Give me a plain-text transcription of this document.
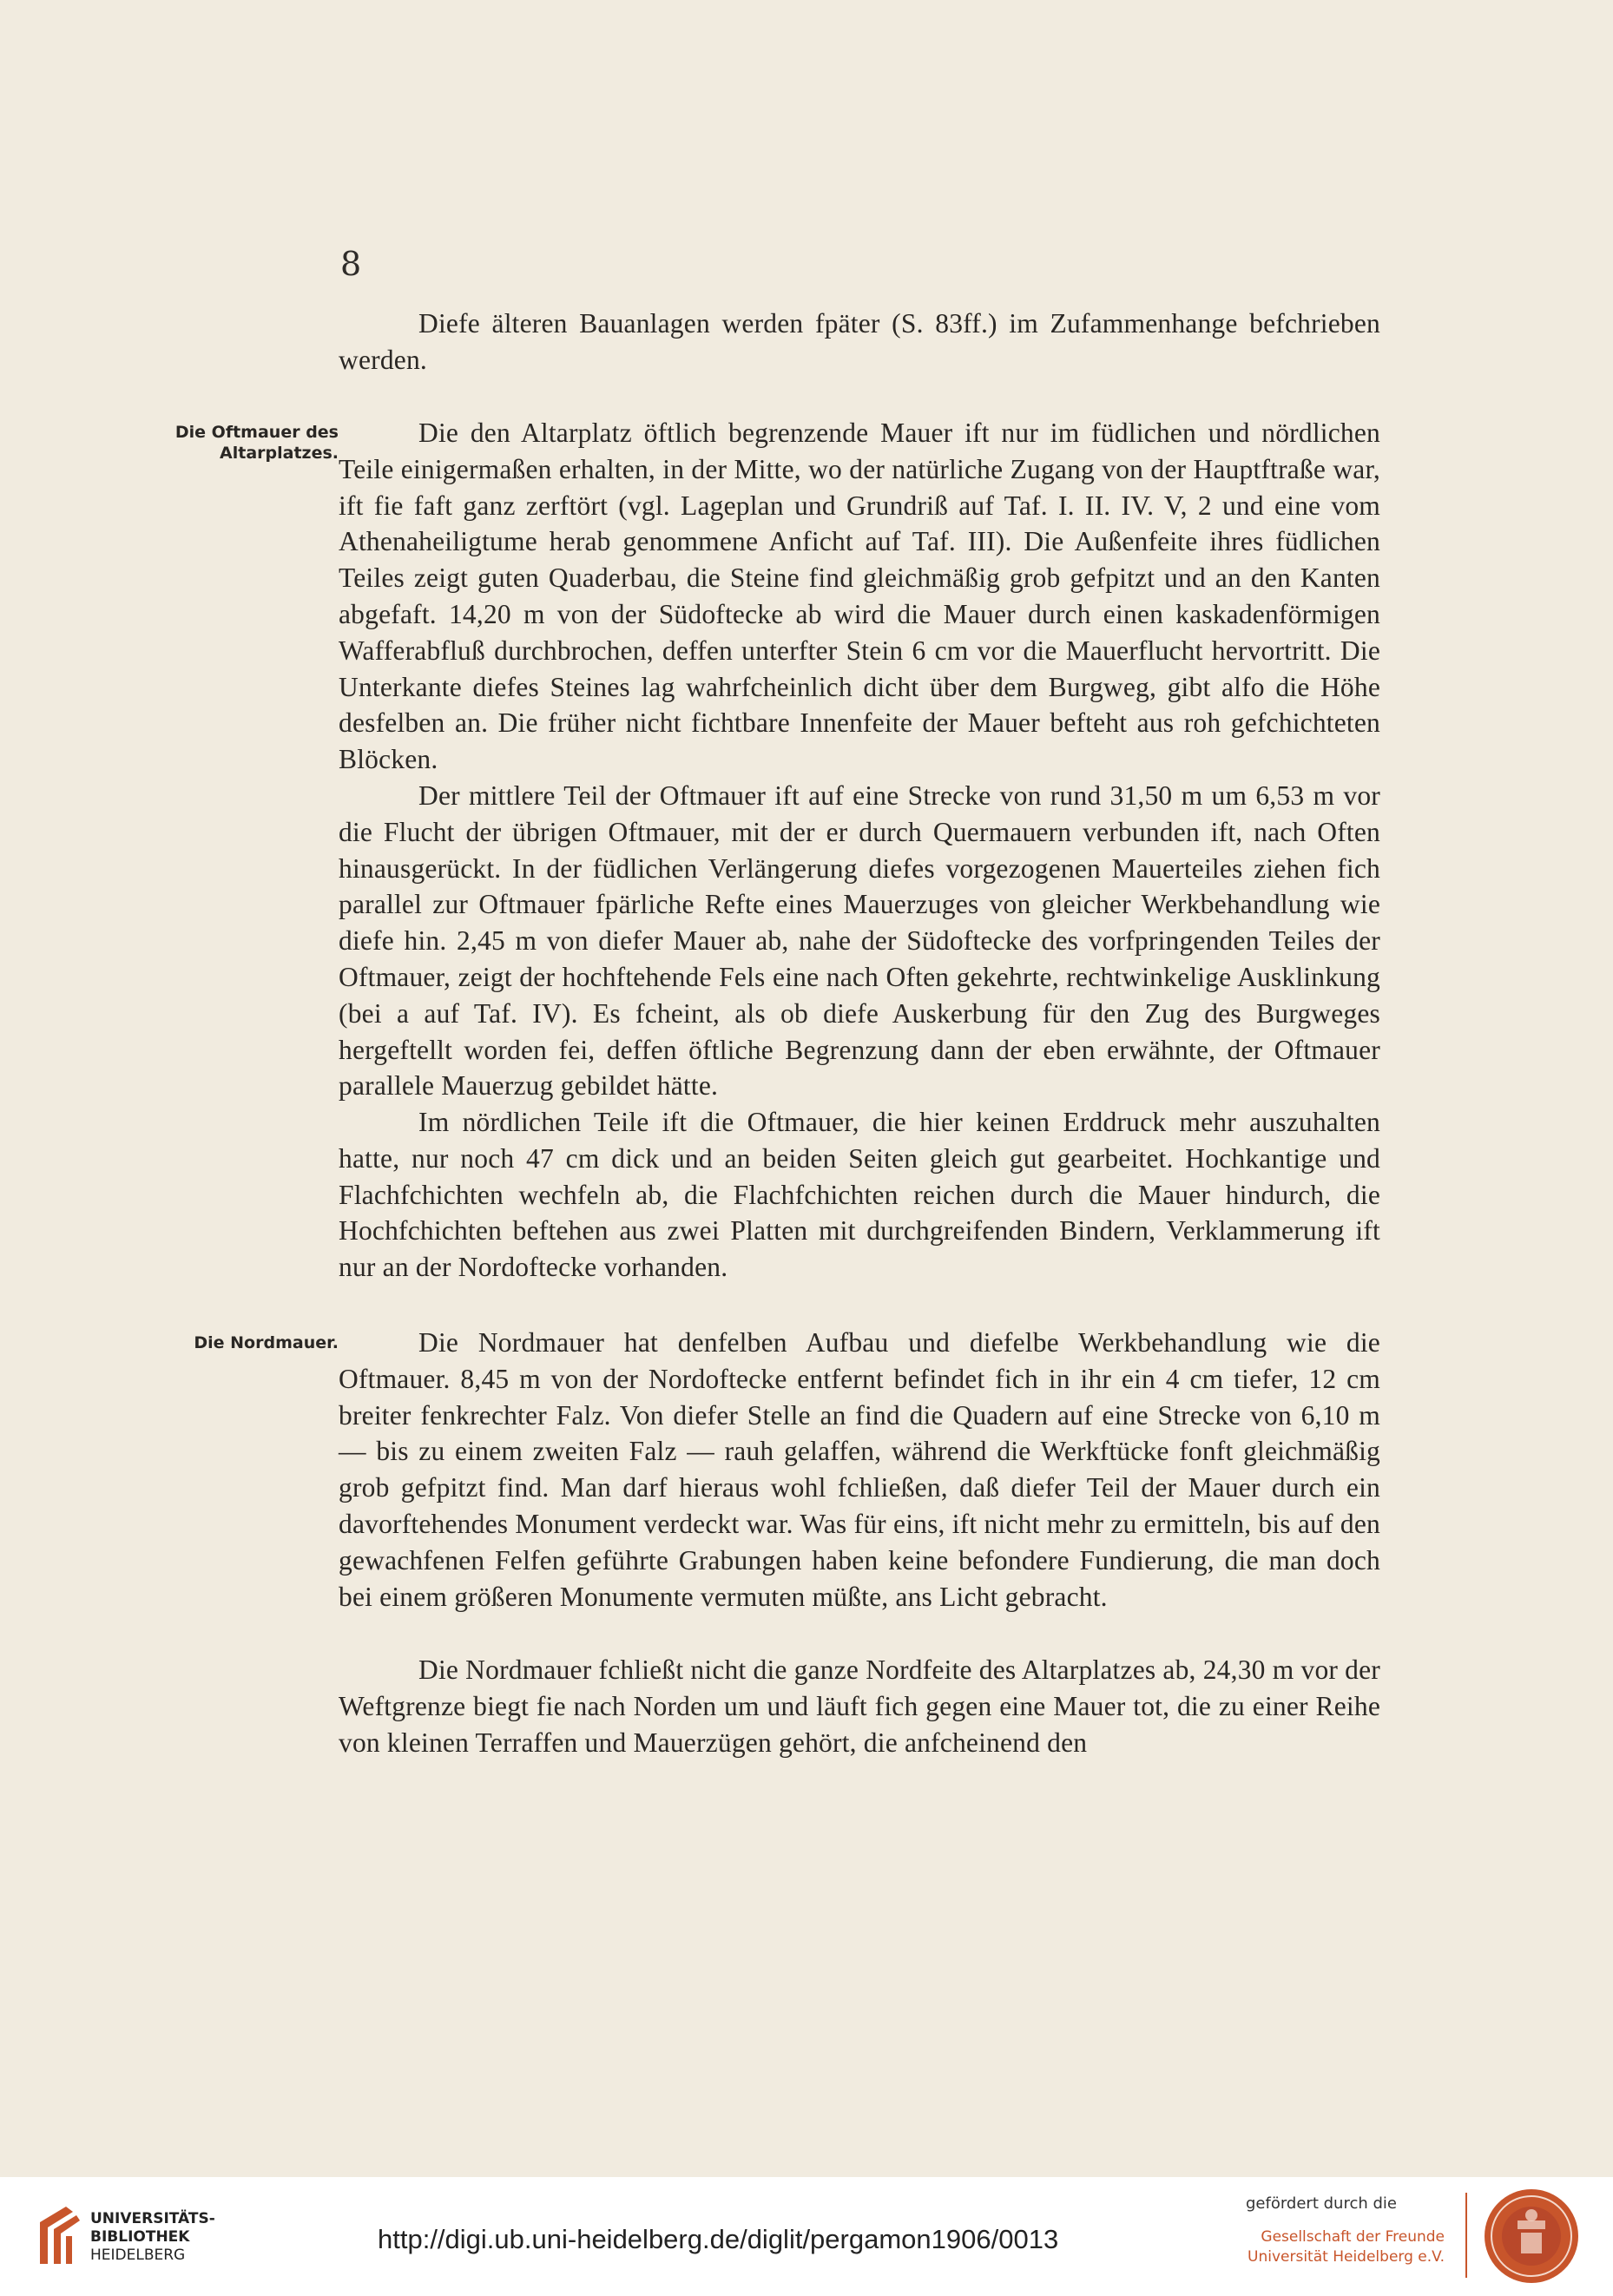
8
Diefe älteren Bauanlagen werden fpäter (S. 83ff.) im Zufammenhange befchrieben werden.
Die Oftmauer des Altarplatzes.
Die den Altarplatz öftlich begrenzende Mauer ift nur im füdlichen und nördlichen Teile einigermaßen erhalten, in der Mitte, wo der natürliche Zugang von der Hauptftraße war, ift fie faft ganz zerftört (vgl. Lageplan und Grundriß auf Taf. I. II. IV. V, 2 und eine vom Athenaheiligtume herab genommene Anficht auf Taf. III). Die Außenfeite ihres füdlichen Teiles zeigt guten Quaderbau, die Steine find gleichmäßig grob gefpitzt und an den Kanten abgefaft. 14,20 m von der Südoftecke ab wird die Mauer durch einen kaskadenförmigen Wafferabfluß durchbrochen, deffen unterfter Stein 6 cm vor die Mauerflucht hervortritt. Die Unterkante diefes Steines lag wahrfcheinlich dicht über dem Burgweg, gibt alfo die Höhe desfelben an. Die früher nicht fichtbare Innenfeite der Mauer befteht aus roh gefchichteten Blöcken.
Der mittlere Teil der Oftmauer ift auf eine Strecke von rund 31,50 m um 6,53 m vor die Flucht der übrigen Oftmauer, mit der er durch Quermauern verbunden ift, nach Often hinausgerückt. In der füdlichen Verlängerung diefes vorgezogenen Mauerteiles ziehen fich parallel zur Oftmauer fpärliche Refte eines Mauerzuges von gleicher Werkbehandlung wie diefe hin. 2,45 m von diefer Mauer ab, nahe der Südoftecke des vorfpringenden Teiles der Oftmauer, zeigt der hochftehende Fels eine nach Often gekehrte, rechtwinkelige Ausklinkung (bei a auf Taf. IV). Es fcheint, als ob diefe Auskerbung für den Zug des Burgweges hergeftellt worden fei, deffen öftliche Begrenzung dann der eben erwähnte, der Oftmauer parallele Mauerzug gebildet hätte.
Im nördlichen Teile ift die Oftmauer, die hier keinen Erddruck mehr auszuhalten hatte, nur noch 47 cm dick und an beiden Seiten gleich gut gearbeitet. Hochkantige und Flachfchichten wechfeln ab, die Flachfchichten reichen durch die Mauer hindurch, die Hochfchichten beftehen aus zwei Platten mit durchgreifenden Bindern, Verklammerung ift nur an der Nordoftecke vorhanden.
Die Nordmauer.	Die Nordmauer hat denfelben Aufbau und diefelbe Werkbehandlung wie die Oftmauer. 8,45 m von der Nordoftecke entfernt befindet fich in ihr ein 4 cm tiefer, 12 cm breiter fenkrechter Falz. Von diefer Stelle an find die Quadern auf eine Strecke von 6,10 m — bis zu einem zweiten Falz — rauh gelaffen, während die Werkftücke fonft gleichmäßig grob gefpitzt find. Man darf hieraus wohl fchließen, daß diefer Teil der Mauer durch ein davorftehendes Monument verdeckt war. Was für eins, ift nicht mehr zu ermitteln, bis auf den gewachfenen Felfen geführte Grabungen haben keine befondere Fundierung, die man doch bei einem größeren Monumente vermuten müßte, ans Licht gebracht.
Die Nordmauer fchließt nicht die ganze Nordfeite des Altarplatzes ab, 24,30 m vor der Weftgrenze biegt fie nach Norden um und läuft fich gegen eine Mauer tot, die zu einer Reihe von kleinen Terraffen und Mauerzügen gehört, die anfcheinend den
UNIVERSITÄTS-
BIBLIOTHEK
HEIDELBERG
http://digi.ub.uni-heidelberg.de/diglit/pergamon1906/0013
gefördert durch die
Gesellschaft der Freunde
Universität Heidelberg e.V.
